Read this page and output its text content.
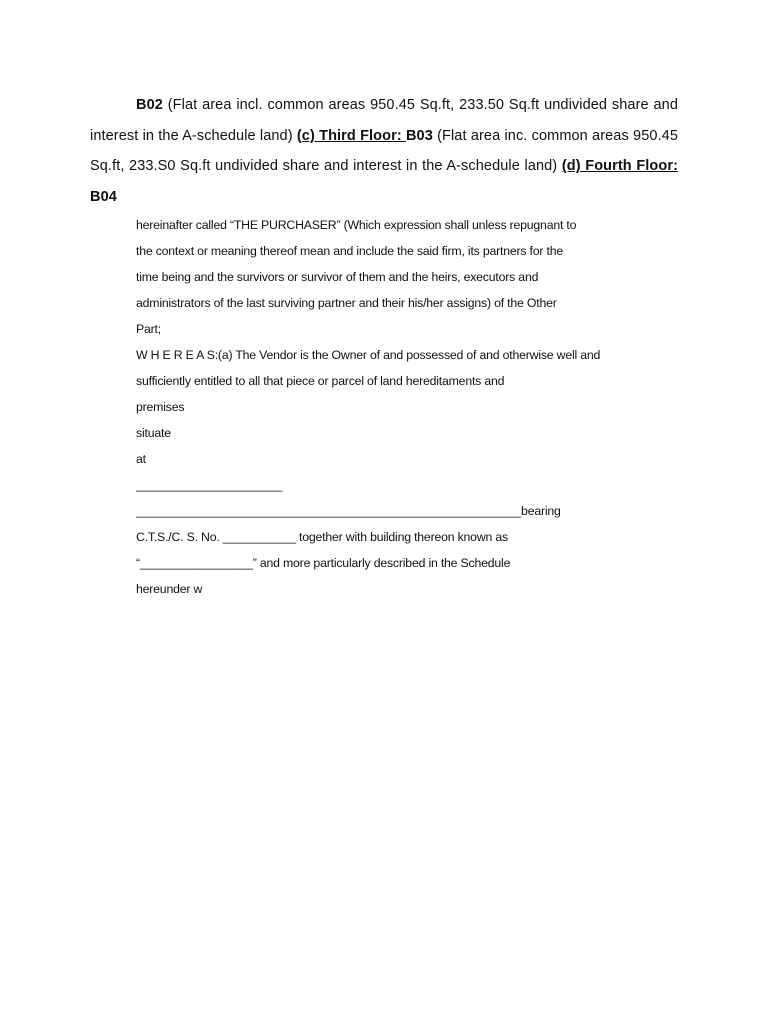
B02 (Flat area incl. common areas 950.45 Sq.ft, 233.50 Sq.ft undivided share and interest in the A-schedule land) (c) Third Floor: B03 (Flat area inc. common areas 950.45 Sq.ft, 233.S0 Sq.ft undivided share and interest in the A-schedule land) (d) Fourth Floor: B04
hereinafter called “THE PURCHASER” (Which expression shall unless repugnant to
the context or meaning thereof mean and include the said firm, its partners for the
time being and the survivors or survivor of them and the heirs, executors and
administrators of the last surviving partner and their his/her assigns) of the Other
Part;
W H E R E A S:(a) The Vendor is the Owner of and possessed of and otherwise well and
sufficiently entitled to all that piece or parcel of land hereditaments and
premises
situate
at
______________________
__________________________________________________________bearing
C.T.S./C. S. No. ___________ together with building thereon known as
“_________________” and more particularly described in the Schedule
hereunder w
